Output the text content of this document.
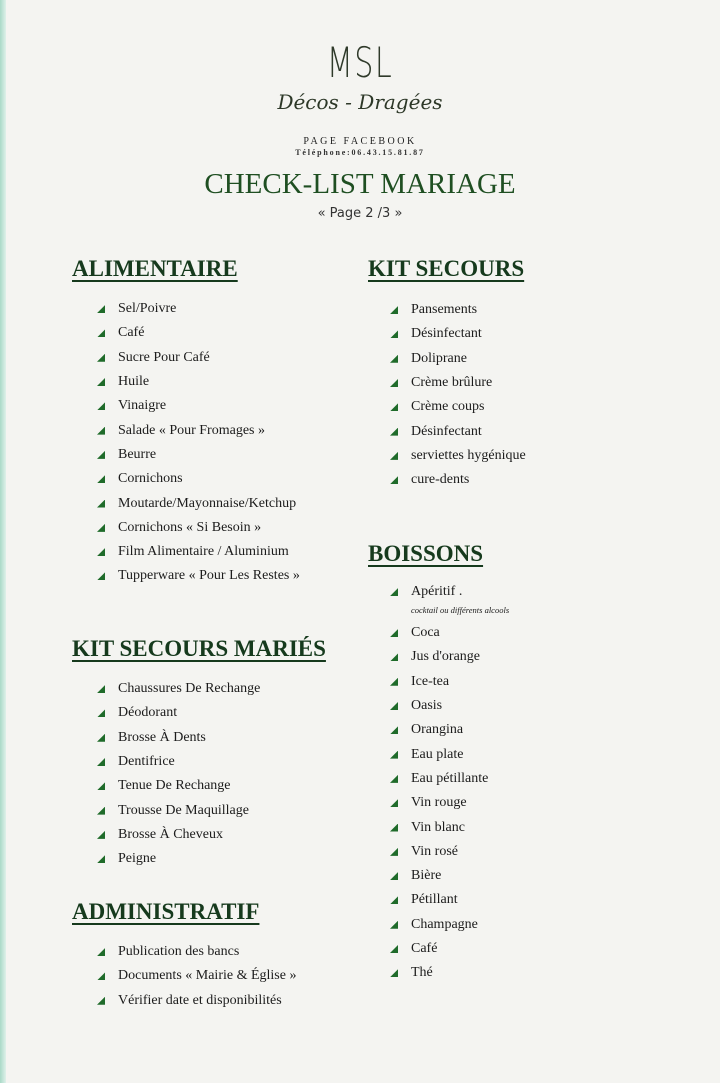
MSL
Décos - Dragées
PAGE FACEBOOK
Téléphone:06.43.15.81.87
CHECK-LIST MARIAGE
« Page 2 /3 »
ALIMENTAIRE
Sel/Poivre
Café
Sucre Pour Café
Huile
Vinaigre
Salade « Pour Fromages »
Beurre
Cornichons
Moutarde/Mayonnaise/Ketchup
Cornichons « Si Besoin »
Film Alimentaire / Aluminium
Tupperware « Pour Les Restes »
KIT SECOURS MARIÉS
Chaussures De Rechange
Déodorant
Brosse À Dents
Dentifrice
Tenue De Rechange
Trousse De Maquillage
Brosse À Cheveux
Peigne
ADMINISTRATIF
Publication des bancs
Documents « Mairie & Église »
Vérifier date et disponibilités
KIT SECOURS
Pansements
Désinfectant
Doliprane
Crème brûlure
Crème coups
Désinfectant
serviettes hygénique
cure-dents
BOISSONS
Apéritif .
cocktail ou différents alcools
Coca
Jus d'orange
Ice-tea
Oasis
Orangina
Eau plate
Eau pétillante
Vin rouge
Vin blanc
Vin rosé
Bière
Pétillant
Champagne
Café
Thé
